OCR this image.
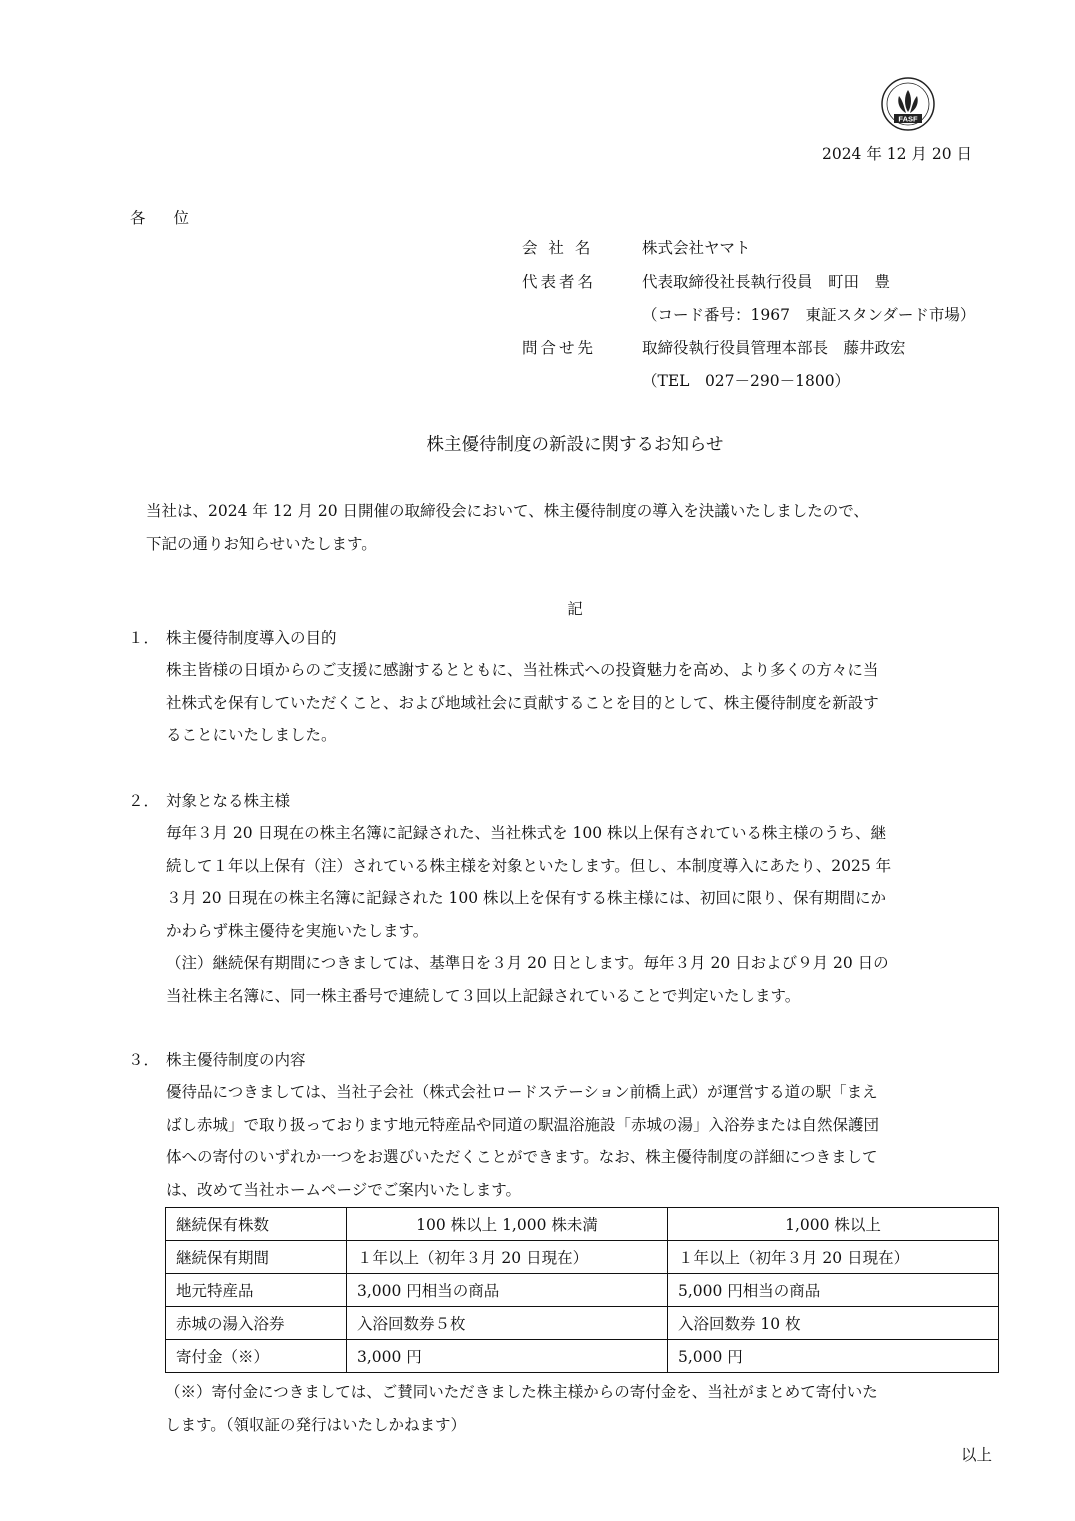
FASF
2024 年 12 月 20 日
各位
会 社 名	株式会社ヤマト
代表者名	代表取締役社長執行役員　町田　豊
（コード番号：1967　東証スタンダード市場）
問合せ先	取締役執行役員管理本部長　藤井政宏
（TEL　027－290－1800）
株主優待制度の新設に関するお知らせ

当社は、2024 年 12 月 20 日開催の取締役会において、株主優待制度の導入を決議いたしましたので、

下記の通りお知らせいたします。

記
１． 株主優待制度導入の目的

株主皆様の日頃からのご支援に感謝するとともに、当社株式への投資魅力を高め、より多くの方々に当

社株式を保有していただくこと、および地域社会に貢献することを目的として、株主優待制度を新設す

ることにいたしました。

２． 対象となる株主様

毎年３月 20 日現在の株主名簿に記録された、当社株式を 100 株以上保有されている株主様のうち、継

続して１年以上保有（注）されている株主様を対象といたします。但し、本制度導入にあたり、2025 年

３月 20 日現在の株主名簿に記録された 100 株以上を保有する株主様には、初回に限り、保有期間にか

かわらず株主優待を実施いたします。

（注）継続保有期間につきましては、基準日を３月 20 日とします。毎年３月 20 日および９月 20 日の

当社株主名簿に、同一株主番号で連続して３回以上記録されていることで判定いたします。

３． 株主優待制度の内容

優待品につきましては、当社子会社（株式会社ロードステーション前橋上武）が運営する道の駅「まえ

ばし赤城」で取り扱っております地元特産品や同道の駅温浴施設「赤城の湯」入浴券または自然保護団

体への寄付のいずれか一つをお選びいただくことができます。なお、株主優待制度の詳細につきまして

は、改めて当社ホームページでご案内いたします。

継続保有株数	100 株以上 1,000 株未満	1,000 株以上
継続保有期間	１年以上（初年３月 20 日現在）	１年以上（初年３月 20 日現在）
地元特産品	3,000 円相当の商品	5,000 円相当の商品
赤城の湯入浴券	入浴回数券５枚	入浴回数券 10 枚
寄付金（※）	3,000 円	5,000 円

（※）寄付金につきましては、ご賛同いただきました株主様からの寄付金を、当社がまとめて寄付いた

します。（領収証の発行はいたしかねます）

以上
